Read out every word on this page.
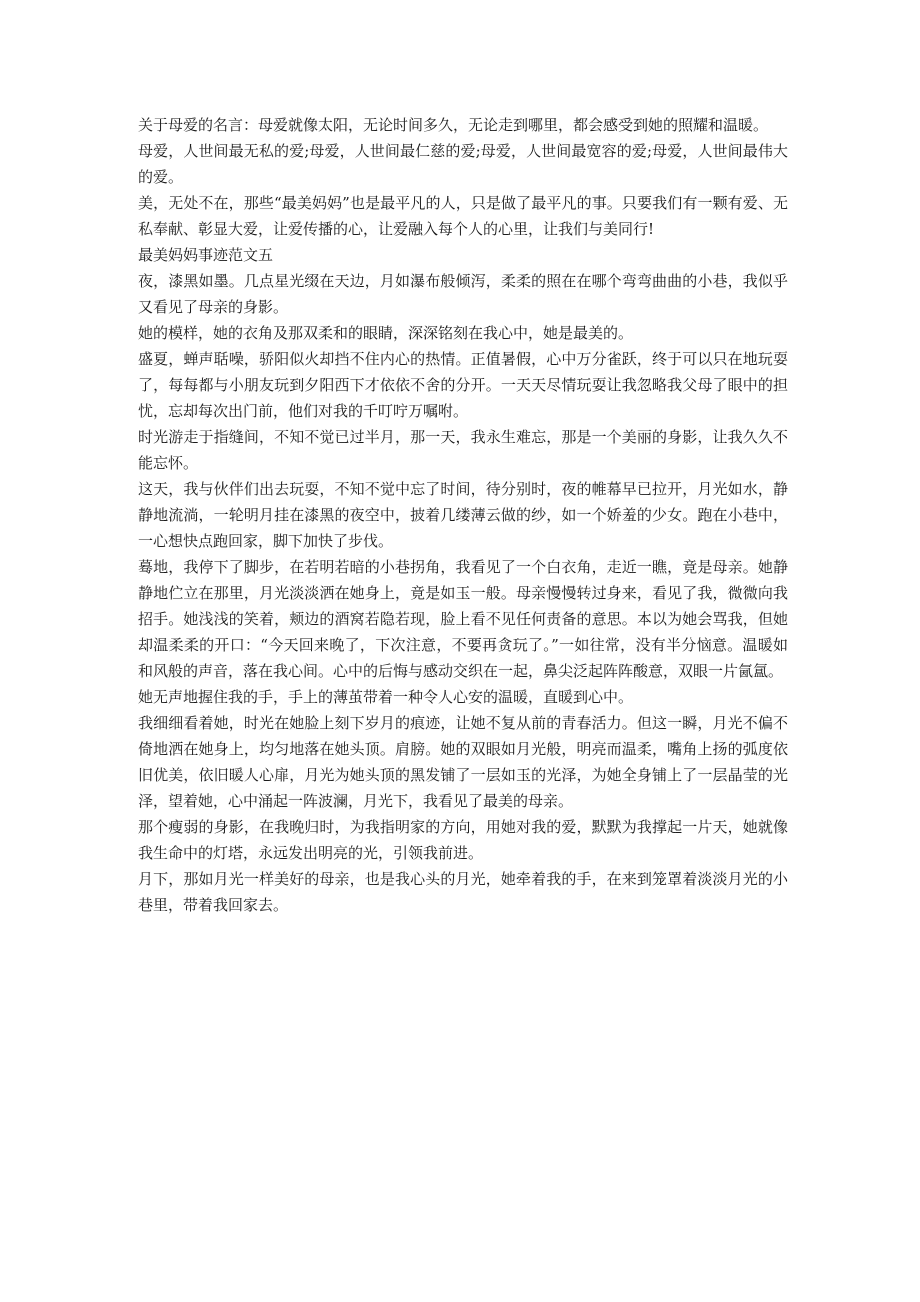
关于母爱的名言：母爱就像太阳，无论时间多久，无论走到哪里，都会感受到她的照耀和温暖。

母爱，人世间最无私的爱;母爱，人世间最仁慈的爱;母爱，人世间最宽容的爱;母爱，人世间最伟大的爱。

美，无处不在，那些“最美妈妈”也是最平凡的人，只是做了最平凡的事。只要我们有一颗有爱、无私奉献、彰显大爱，让爱传播的心，让爱融入每个人的心里，让我们与美同行!

最美妈妈事迹范文五

夜，漆黑如墨。几点星光缀在天边，月如瀑布般倾泻，柔柔的照在在哪个弯弯曲曲的小巷，我似乎又看见了母亲的身影。

她的模样，她的衣角及那双柔和的眼睛，深深铭刻在我心中，她是最美的。

盛夏，蝉声聒噪，骄阳似火却挡不住内心的热情。正值暑假，心中万分雀跃，终于可以只在地玩耍了，每每都与小朋友玩到夕阳西下才依依不舍的分开。一天天尽情玩耍让我忽略我父母了眼中的担忧，忘却每次出门前，他们对我的千叮咛万嘱咐。

时光游走于指缝间，不知不觉已过半月，那一天，我永生难忘，那是一个美丽的身影，让我久久不能忘怀。

这天，我与伙伴们出去玩耍，不知不觉中忘了时间，待分别时，夜的帷幕早已拉开，月光如水，静静地流淌，一轮明月挂在漆黑的夜空中，披着几缕薄云做的纱，如一个娇羞的少女。跑在小巷中，一心想快点跑回家，脚下加快了步伐。

蓦地，我停下了脚步，在若明若暗的小巷拐角，我看见了一个白衣角，走近一瞧，竟是母亲。她静静地伫立在那里，月光淡淡洒在她身上，竟是如玉一般。母亲慢慢转过身来，看见了我，微微向我招手。她浅浅的笑着，颊边的酒窝若隐若现，脸上看不见任何责备的意思。本以为她会骂我，但她却温柔柔的开口：“今天回来晚了，下次注意，不要再贪玩了。”一如往常，没有半分恼意。温暖如和风般的声音，落在我心间。心中的后悔与感动交织在一起，鼻尖泛起阵阵酸意，双眼一片氤氲。

她无声地握住我的手，手上的薄茧带着一种令人心安的温暖，直暖到心中。

我细细看着她，时光在她脸上刻下岁月的痕迹，让她不复从前的青春活力。但这一瞬，月光不偏不倚地洒在她身上，均匀地落在她头顶。肩膀。她的双眼如月光般，明亮而温柔，嘴角上扬的弧度依旧优美，依旧暖人心扉，月光为她头顶的黑发铺了一层如玉的光泽，为她全身铺上了一层晶莹的光泽，望着她，心中涌起一阵波澜，月光下，我看见了最美的母亲。

那个瘦弱的身影，在我晚归时，为我指明家的方向，用她对我的爱，默默为我撑起一片天，她就像我生命中的灯塔，永远发出明亮的光，引领我前进。

月下，那如月光一样美好的母亲，也是我心头的月光，她牵着我的手，在来到笼罩着淡淡月光的小巷里，带着我回家去。
